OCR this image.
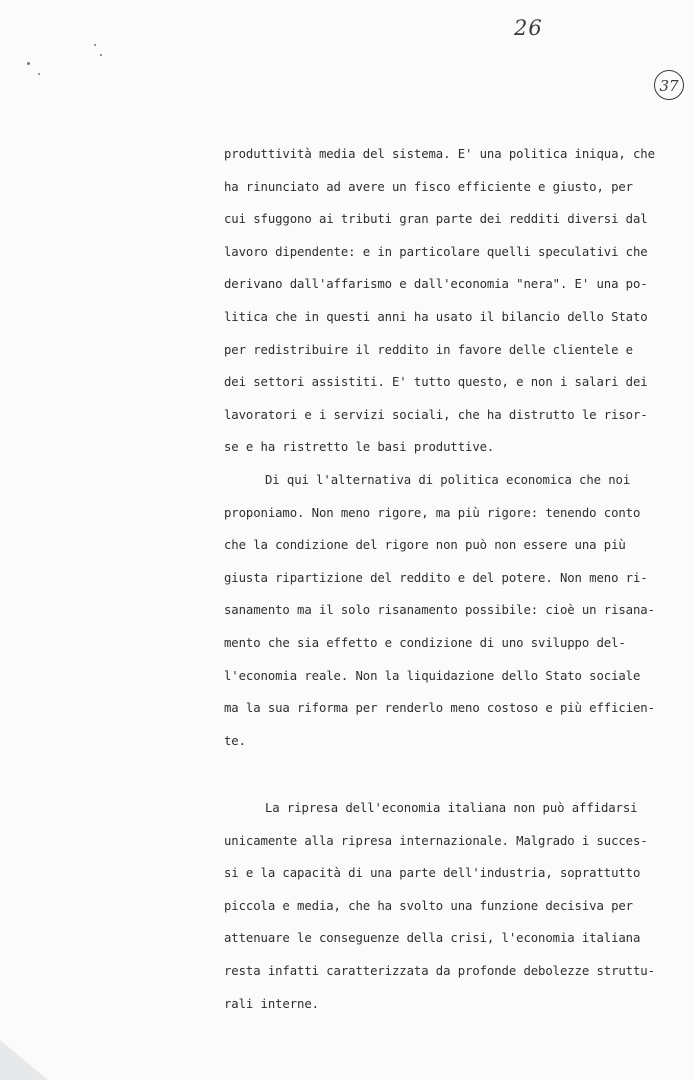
26
37
produttività media del sistema. E' una politica iniqua, che
ha rinunciato ad avere un fisco efficiente e giusto, per
cui sfuggono ai tributi gran parte dei redditi diversi dal
lavoro dipendente: e in particolare quelli speculativi che
derivano dall'affarismo e dall'economia "nera". E' una po-
litica che in questi anni ha usato il bilancio dello Stato
per redistribuire il reddito in favore delle clientele e
dei settori assistiti. E' tutto questo, e non i salari dei
lavoratori e i servizi sociali, che ha distrutto le risor-
se e ha ristretto le basi produttive.
Di qui l'alternativa di politica economica che noi
proponiamo. Non meno rigore, ma più rigore: tenendo conto
che la condizione del rigore non può non essere una più
giusta ripartizione del reddito e del potere. Non meno ri-
sanamento ma il solo risanamento possibile: cioè un risana-
mento che sia effetto e condizione di uno sviluppo del-
l'economia reale. Non la liquidazione dello Stato sociale
ma la sua riforma per renderlo meno costoso e più efficien-
te.
La ripresa dell'economia italiana non può affidarsi
unicamente alla ripresa internazionale. Malgrado i succes-
si e la capacità di una parte dell'industria, soprattutto
piccola e media, che ha svolto una funzione decisiva per
attenuare le conseguenze della crisi, l'economia italiana
resta infatti caratterizzata da profonde debolezze struttu-
rali interne.
